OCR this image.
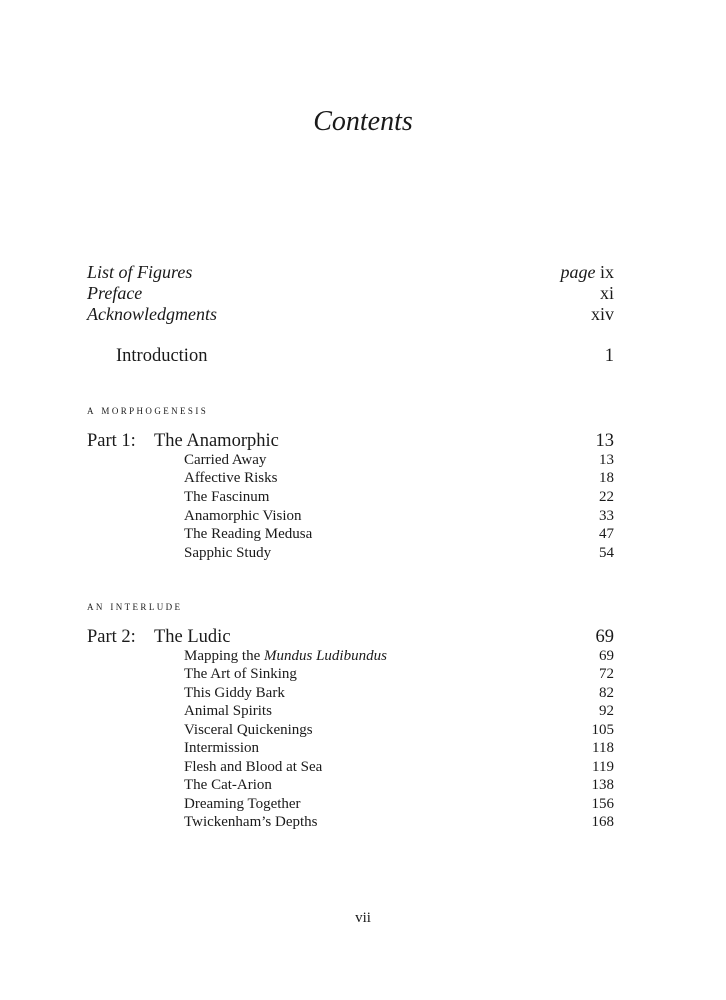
Contents
List of Figures	page ix
Preface	xi
Acknowledgments	xiv
Introduction	1
a morphogenesis
Part 1: The Anamorphic	13
Carried Away	13
Affective Risks	18
The Fascinum	22
Anamorphic Vision	33
The Reading Medusa	47
Sapphic Study	54
an interlude
Part 2: The Ludic	69
Mapping the Mundus Ludibundus	69
The Art of Sinking	72
This Giddy Bark	82
Animal Spirits	92
Visceral Quickenings	105
Intermission	118
Flesh and Blood at Sea	119
The Cat-Arion	138
Dreaming Together	156
Twickenham’s Depths	168
vii
